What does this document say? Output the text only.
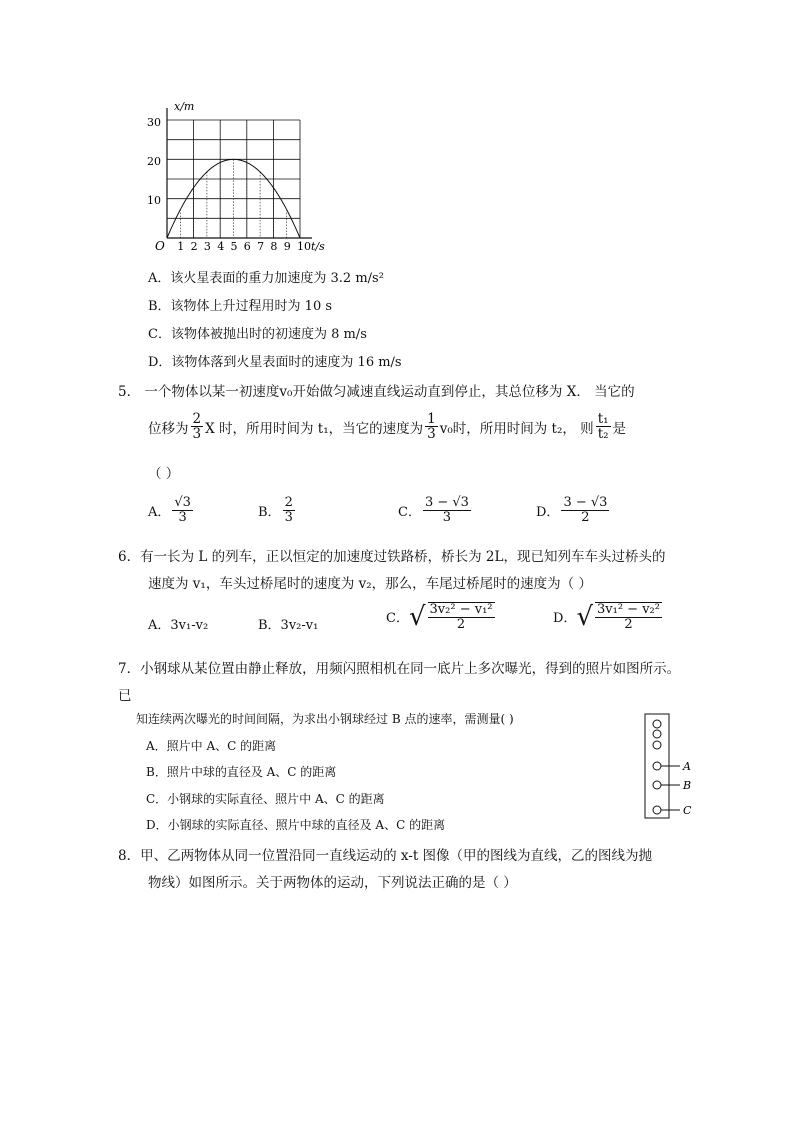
x/m
t/s
O
30
20
10
1 2 3 4 5 6 7 8 9 10
A．该火星表面的重力加速度为 3.2 m/s²
B．该物体上升过程用时为 10 s
C．该物体被抛出时的初速度为 8 m/s
D．该物体落到火星表面时的速度为 16 m/s
5． 一个物体以某一初速度v₀开始做匀减速直线运动直到停止，其总位移为 X． 当它的
位移为 $\frac{2}{3}$ X 时，所用时间为 t₁，当它的速度为 $\frac{1}{3} v_0$时，所用时间为 t₂， 则 $\frac{\text{t₁}}{\text{t₂}}$ 是
（ ）
A． $\frac{√3}{3}$	B． $\frac{2}{3}$	C． $\frac{3 - √3}{3}$	D． $\frac{3 - √3}{2}$
6．有一长为 L 的列车，正以恒定的加速度过铁路桥，桥长为 2L，现已知列车车头过桥头的
速度为 v₁，车头过桥尾时的速度为 v₂，那么，车尾过桥尾时的速度为（ ）
A．3v₁-v₂	B．3v₂-v₁	C． √ $\frac{\text{3v₂² − v₁²}}{2}$	D． √ $\frac{\text{3v₁² − v₂²}}{2}$
7．小钢球从某位置由静止释放，用频闪照相机在同一底片上多次曝光，得到的照片如图所示。
已
知连续两次曝光的时间间隔，为求出小钢球经过 B 点的速率，需测量( )
A．照片中 A、C 的距离
B．照片中球的直径及 A、C 的距离
C．小钢球的实际直径、照片中 A、C 的距离
D．小钢球的实际直径、照片中球的直径及 A、C 的距离
A
B
C
8．甲、乙两物体从同一位置沿同一直线运动的 x-t 图像（甲的图线为直线，乙的图线为抛
物线）如图所示。关于两物体的运动，下列说法正确的是（ ）
